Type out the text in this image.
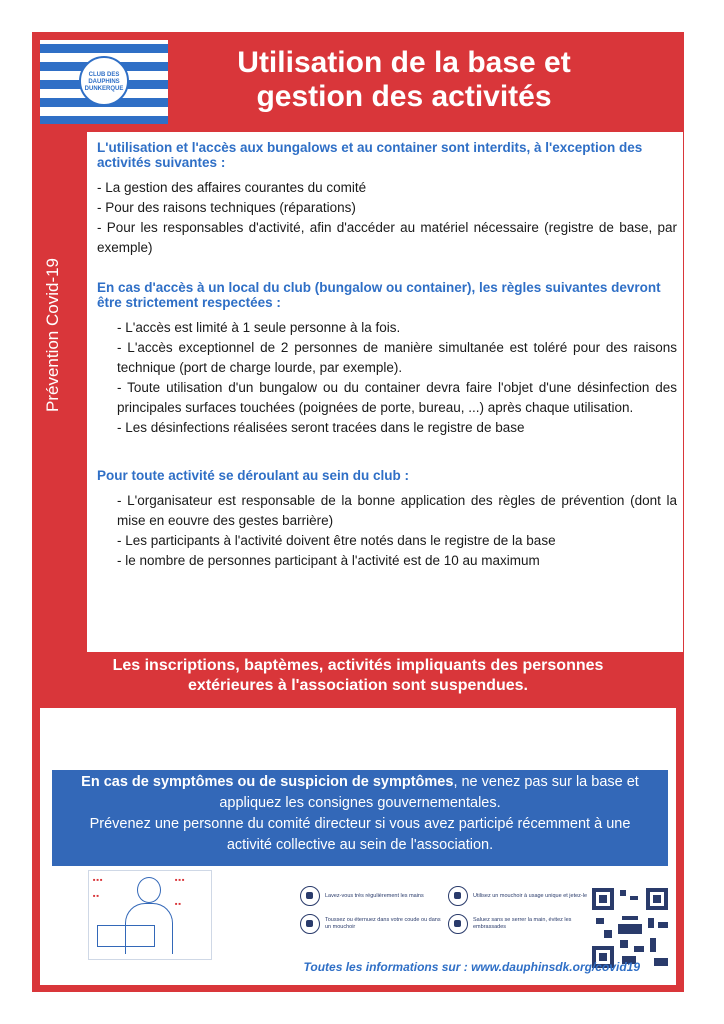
CLUB DES DAUPHINS DUNKERQUE
Utilisation de la base et
gestion des activités
Prévention Covid-19

L'utilisation et l'accès aux bungalows et au container sont interdits, à l'exception des activités suivantes :

- La gestion des affaires courantes du comité
- Pour des raisons techniques (réparations)
- Pour les responsables d'activité, afin d'accéder au matériel nécessaire (registre de base, par exemple)

En cas d'accès à un local du club (bungalow ou container), les règles suivantes devront être strictement respectées :

- L'accès est limité à 1 seule personne à la fois.
- L'accès exceptionnel de 2 personnes de manière simultanée est toléré pour des raisons technique (port de charge lourde, par exemple).
- Toute utilisation d'un bungalow ou du container devra faire l'objet d'une désinfection des principales surfaces touchées (poignées de porte, bureau, ...) après chaque utilisation.
- Les désinfections réalisées seront tracées dans le registre de base

Pour toute activité se déroulant au sein du club :

- L'organisateur est responsable de la bonne application des règles de prévention (dont la mise en eouvre des gestes barrière)
- Les participants à l'activité doivent être notés dans le registre de la base
- le nombre de personnes participant à l'activité est de 10 au maximum
Les inscriptions, baptèmes, activités impliquants des personnes
extérieures à l'association sont suspendues.
En cas de symptômes ou de suspicion de symptômes, ne venez pas sur la base et
appliquez les consignes gouvernementales.
Prévenez une personne du comité directeur si vous avez participé récemment à une
activité collective au sein de l'association.
■ ■ ■	■ ■ ■
■ ■
■ ■
Lavez-vous très régulièrement les mains
Toussez ou éternuez dans votre coude ou dans un mouchoir
Utilisez un mouchoir à usage unique et jetez-le
Saluez sans se serrer la main, évitez les embrassades
Toutes les informations sur : www.dauphinsdk.org/covid19
